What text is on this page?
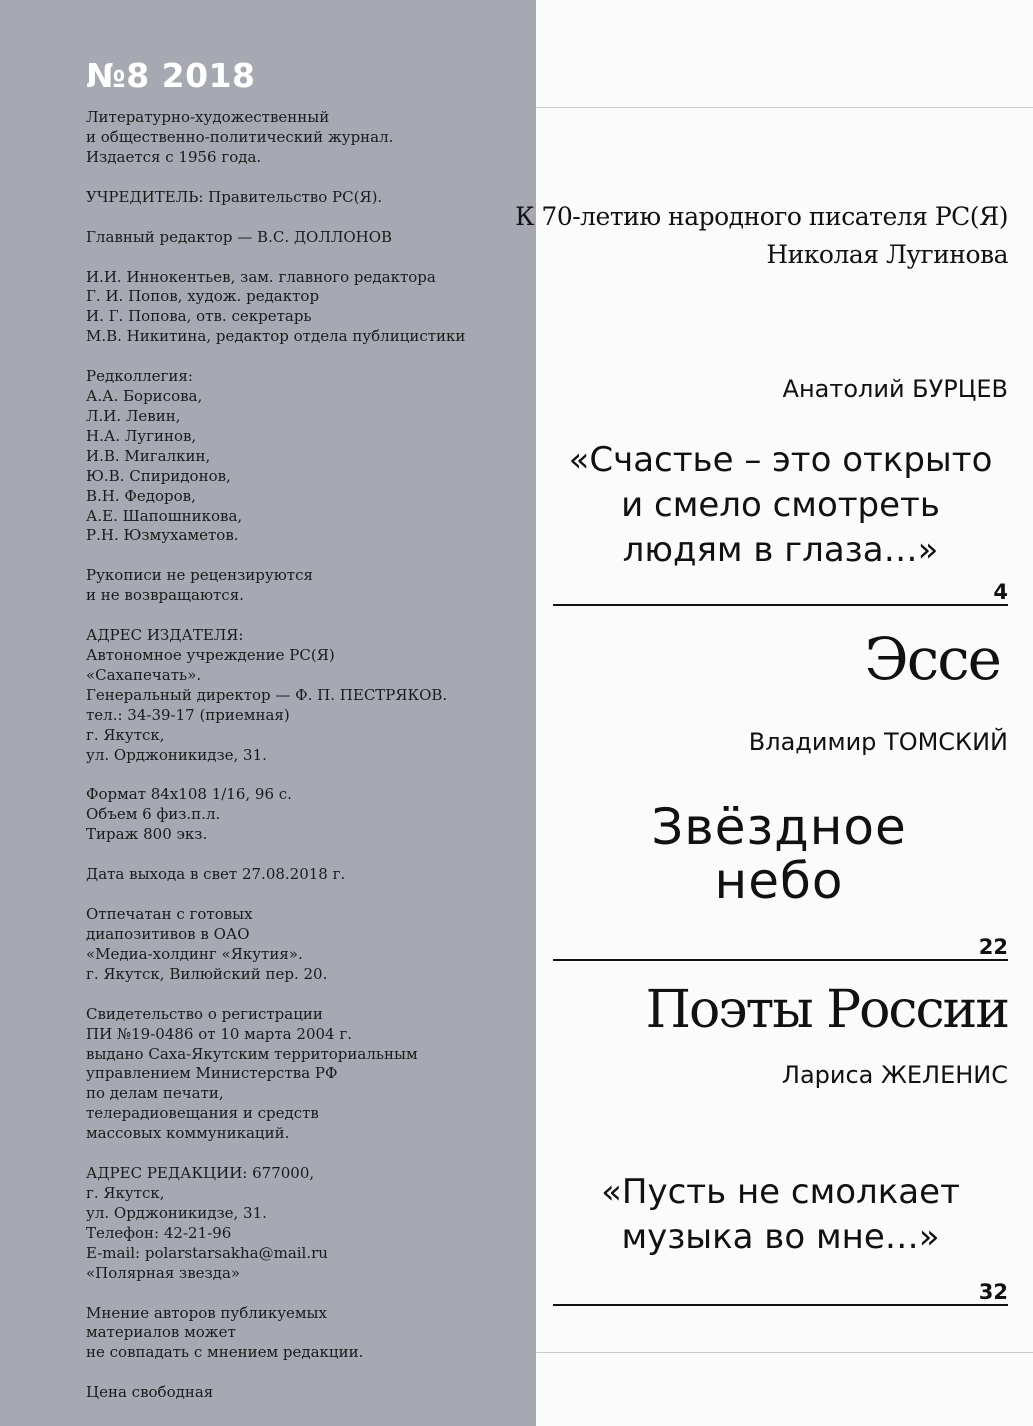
№8 2018
Литературно-художественный
и общественно-политический журнал.
Издается с 1956 года.
УЧРЕДИТЕЛЬ: Правительство РС(Я).
Главный редактор — В.С. ДОЛЛОНОВ
И.И. Иннокентьев, зам. главного редактора
Г. И. Попов, худож. редактор
И. Г. Попова, отв. секретарь
М.В. Никитина, редактор отдела публицистики
Редколлегия:
А.А. Борисова,
Л.И. Левин,
Н.А. Лугинов,
И.В. Мигалкин,
Ю.В. Спиридонов,
В.Н. Федоров,
А.Е. Шапошникова,
Р.Н. Юзмухаметов.
Рукописи не рецензируются
и не возвращаются.
АДРЕС ИЗДАТЕЛЯ:
Автономное учреждение РС(Я)
«Сахапечать».
Генеральный директор — Ф. П. ПЕСТРЯКОВ.
тел.: 34-39-17 (приемная)
г. Якутск,
ул. Орджоникидзе, 31.
Формат 84x108 1/16, 96 с.
Объем 6 физ.п.л.
Тираж 800 экз.
Дата выхода в свет 27.08.2018 г.
Отпечатан с готовых
диапозитивов в ОАО
«Медиа-холдинг «Якутия».
г. Якутск, Вилюйский пер. 20.
Свидетельство о регистрации
ПИ №19-0486 от 10 марта 2004 г.
выдано Саха-Якутским территориальным
управлением Министерства РФ
по делам печати,
телерадиовещания и средств
массовых коммуникаций.
АДРЕС РЕДАКЦИИ: 677000,
г. Якутск,
ул. Орджоникидзе, 31.
Телефон: 42-21-96
E-mail: polarstarsakha@mail.ru
«Полярная звезда»
Мнение авторов публикуемых
материалов может
не совпадать с мнением редакции.
Цена свободная
К 70-летию народного писателя РС(Я)
Николая Лугинова
Анатолий БУРЦЕВ
«Счастье – это открыто
и смело смотреть
людям в глаза…»
4
Эссе
Владимир ТОМСКИЙ
Звёздное
небо
22
Поэты России
Лариса ЖЕЛЕНИС
«Пусть не смолкает
музыка во мне…»
32
